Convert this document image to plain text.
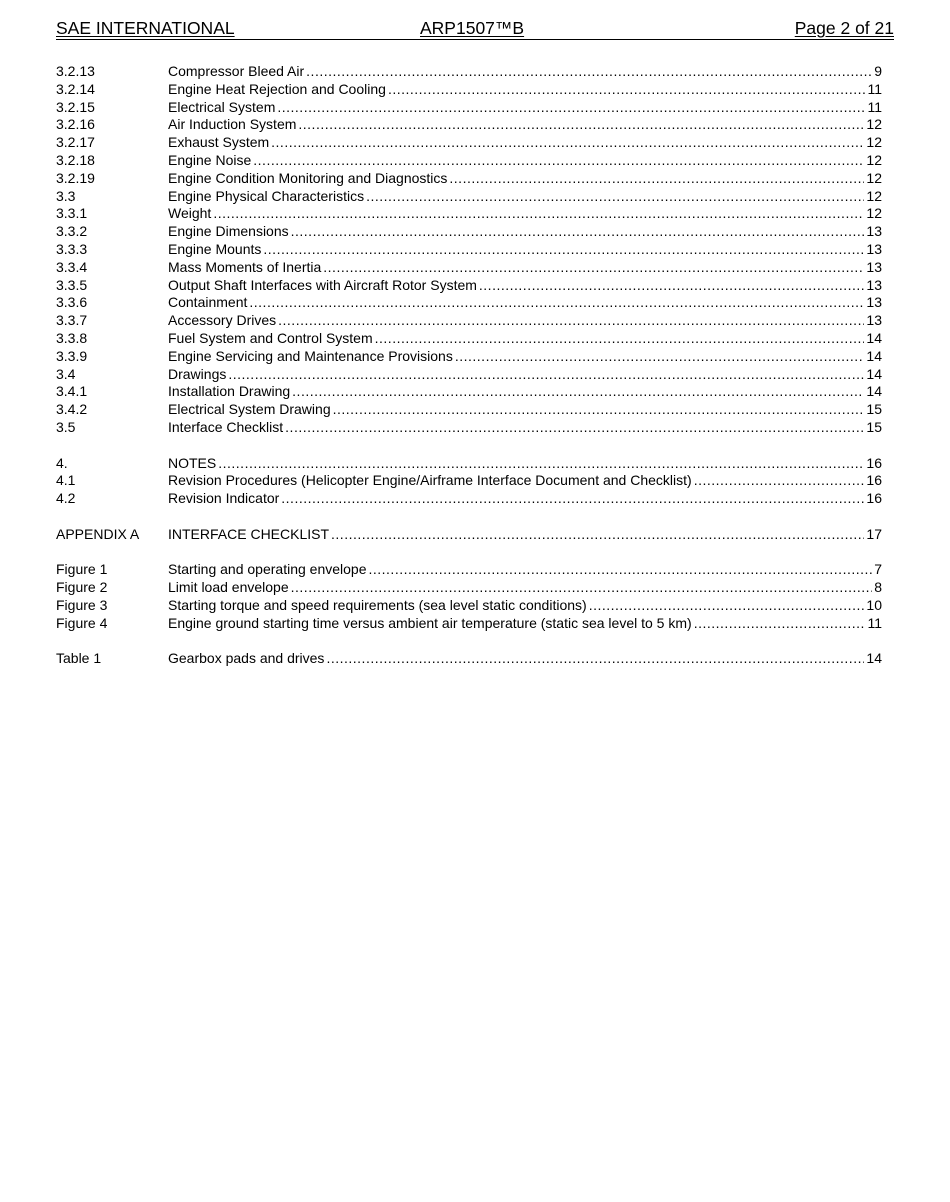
SAE INTERNATIONAL	ARP1507™B	Page 2 of 21
3.2.13	Compressor Bleed Air .....	9
3.2.14	Engine Heat Rejection and Cooling .....	11
3.2.15	Electrical System .....	11
3.2.16	Air Induction System .....	12
3.2.17	Exhaust System .....	12
3.2.18	Engine Noise .....	12
3.2.19	Engine Condition Monitoring and Diagnostics .....	12
3.3	Engine Physical Characteristics .....	12
3.3.1	Weight .....	12
3.3.2	Engine Dimensions .....	13
3.3.3	Engine Mounts .....	13
3.3.4	Mass Moments of Inertia .....	13
3.3.5	Output Shaft Interfaces with Aircraft Rotor System .....	13
3.3.6	Containment .....	13
3.3.7	Accessory Drives .....	13
3.3.8	Fuel System and Control System .....	14
3.3.9	Engine Servicing and Maintenance Provisions .....	14
3.4	Drawings .....	14
3.4.1	Installation Drawing .....	14
3.4.2	Electrical System Drawing .....	15
3.5	Interface Checklist .....	15
4.	NOTES .....	16
4.1	Revision Procedures (Helicopter Engine/Airframe Interface Document and Checklist) .....	16
4.2	Revision Indicator .....	16
APPENDIX A	INTERFACE CHECKLIST .....	17
Figure 1	Starting and operating envelope .....	7
Figure 2	Limit load envelope .....	8
Figure 3	Starting torque and speed requirements (sea level static conditions) .....	10
Figure 4	Engine ground starting time versus ambient air temperature (static sea level to 5 km) .....	11
Table 1	Gearbox pads and drives .....	14
